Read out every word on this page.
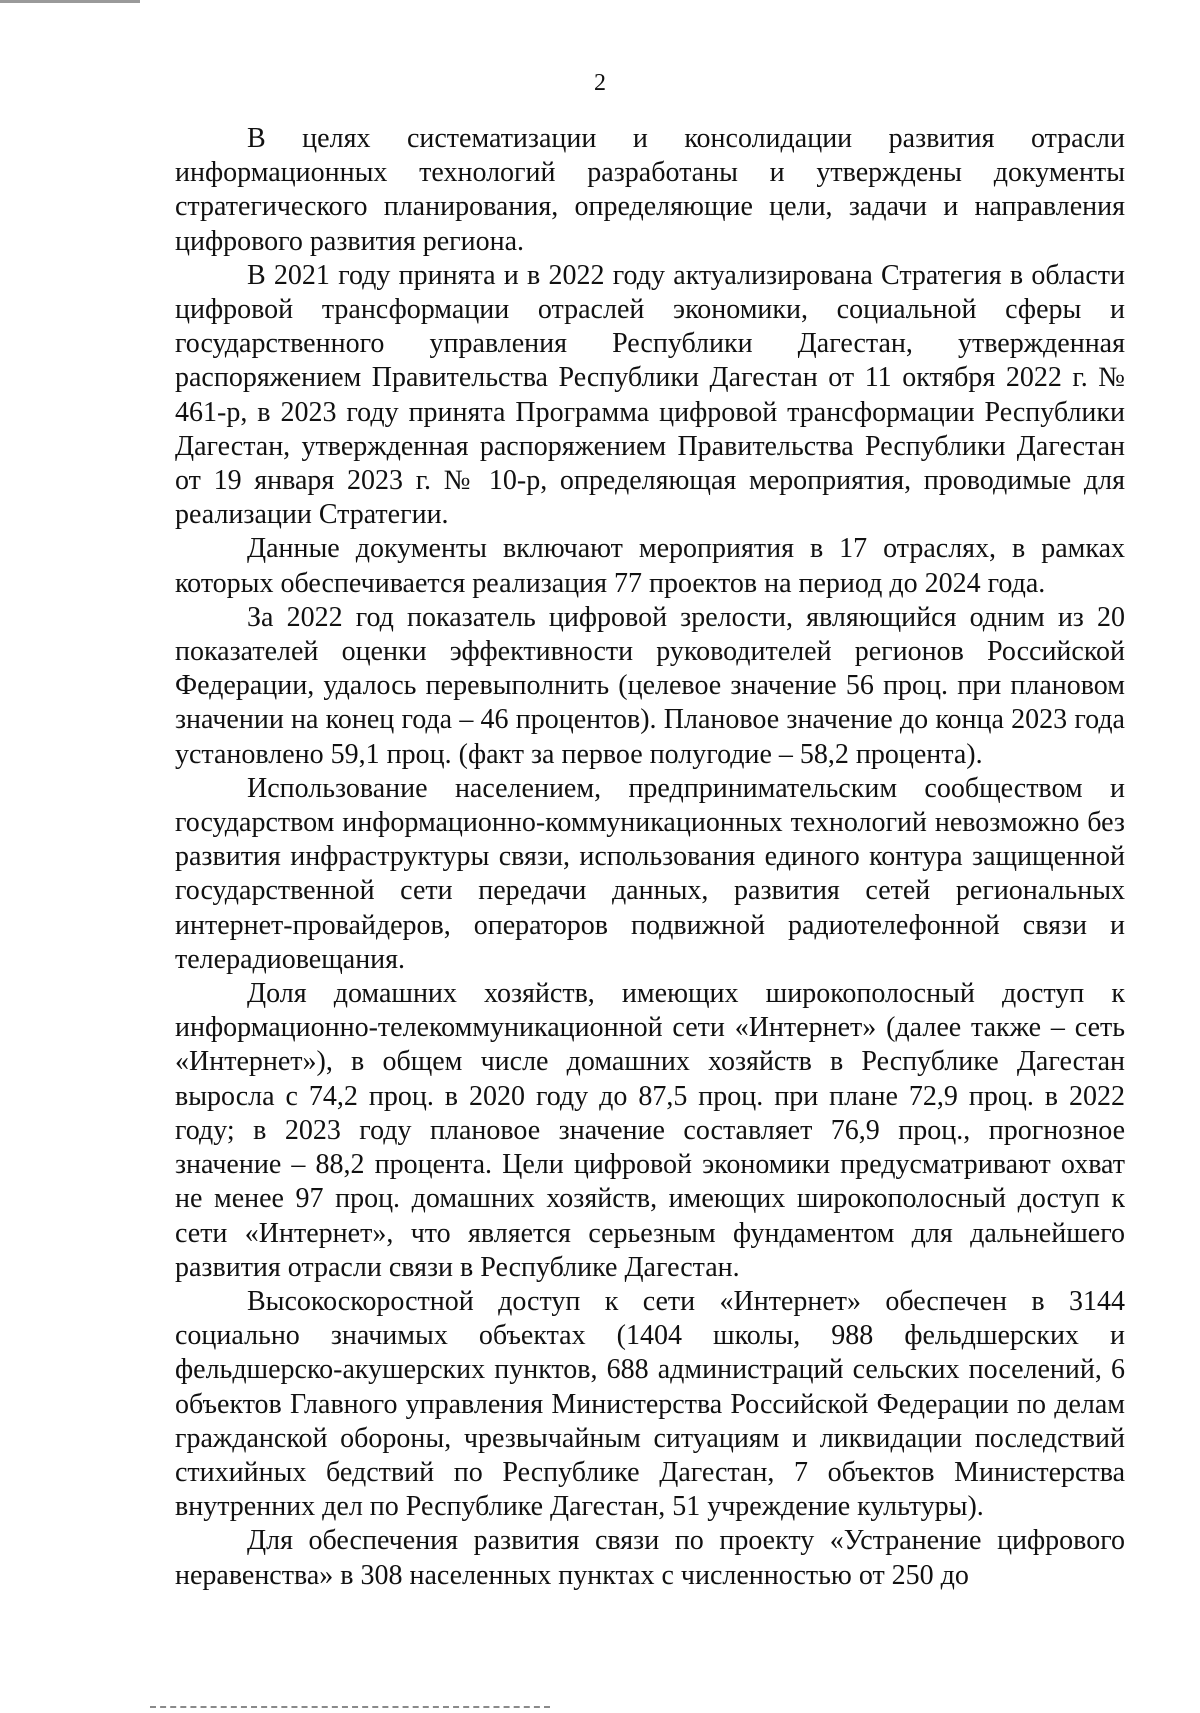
2

В целях систематизации и консолидации развития отрасли информационных технологий разработаны и утверждены документы стратегического планирования, определяющие цели, задачи и направления цифрового развития региона.

В 2021 году принята и в 2022 году актуализирована Стратегия в области цифровой трансформации отраслей экономики, социальной сферы и государственного управления Республики Дагестан, утвержденная распоряжением Правительства Республики Дагестан от 11 октября 2022 г. № 461-р, в 2023 году принята Программа цифровой трансформации Республики Дагестан, утвержденная распоряжением Правительства Республики Дагестан от 19 января 2023 г. № 10-р, определяющая мероприятия, проводимые для реализации Стратегии.

Данные документы включают мероприятия в 17 отраслях, в рамках которых обеспечивается реализация 77 проектов на период до 2024 года.

За 2022 год показатель цифровой зрелости, являющийся одним из 20 показателей оценки эффективности руководителей регионов Российской Федерации, удалось перевыполнить (целевое значение 56 проц. при плановом значении на конец года – 46 процентов). Плановое значение до конца 2023 года установлено 59,1 проц. (факт за первое полугодие – 58,2 процента).

Использование населением, предпринимательским сообществом и государством информационно-коммуникационных технологий невозможно без развития инфраструктуры связи, использования единого контура защищенной государственной сети передачи данных, развития сетей региональных интернет-провайдеров, операторов подвижной радиотелефонной связи и телерадиовещания.

Доля домашних хозяйств, имеющих широкополосный доступ к информационно-телекоммуникационной сети «Интернет» (далее также – сеть «Интернет»), в общем числе домашних хозяйств в Республике Дагестан выросла с 74,2 проц. в 2020 году до 87,5 проц. при плане 72,9 проц. в 2022 году; в 2023 году плановое значение составляет 76,9 проц., прогнозное значение – 88,2 процента. Цели цифровой экономики предусматривают охват не менее 97 проц. домашних хозяйств, имеющих широкополосный доступ к сети «Интернет», что является серьезным фундаментом для дальнейшего развития отрасли связи в Республике Дагестан.

Высокоскоростной доступ к сети «Интернет» обеспечен в 3144 социально значимых объектах (1404 школы, 988 фельдшерских и фельдшерско-акушерских пунктов, 688 администраций сельских поселений, 6 объектов Главного управления Министерства Российской Федерации по делам гражданской обороны, чрезвычайным ситуациям и ликвидации последствий стихийных бедствий по Республике Дагестан, 7 объектов Министерства внутренних дел по Республике Дагестан, 51 учреждение культуры).

Для обеспечения развития связи по проекту «Устранение цифрового неравенства» в 308 населенных пунктах с численностью от 250 до
